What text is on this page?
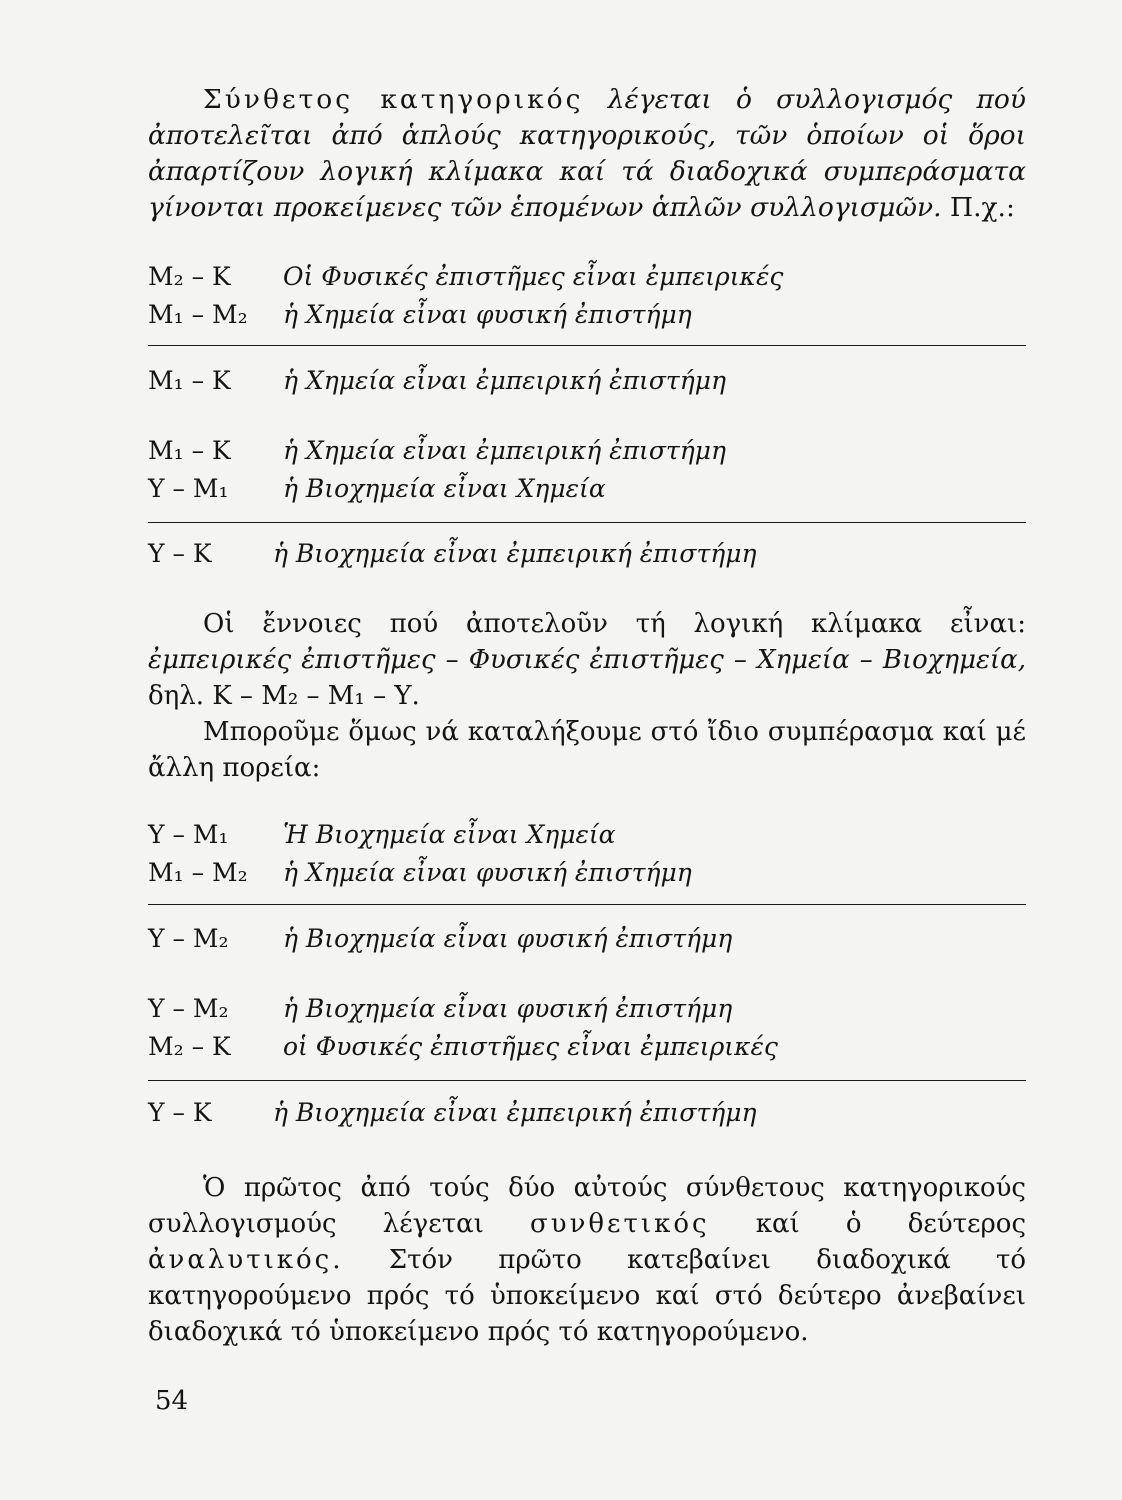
Σύνθετος κατηγορικός λέγεται ὁ συλλογισμός πού ἀποτελεῖται ἀπό ἁπλούς κατηγορικούς, τῶν ὁποίων οἱ ὅροι ἀπαρτίζουν λογική κλίμακα καί τά διαδοχικά συμπεράσματα γίνονται προκείμενες τῶν ἑπομένων ἁπλῶν συλλογισμῶν. Π.χ.:
Μ₂ – Κ Οἱ Φυσικές ἐπιστῆμες εἶναι ἐμπειρικές
Μ₁ – Μ₂ ἡ Χημεία εἶναι φυσική ἐπιστήμη
Μ₁ – Κ ἡ Χημεία εἶναι ἐμπειρική ἐπιστήμη
Μ₁ – Κ ἡ Χημεία εἶναι ἐμπειρική ἐπιστήμη
Υ – Μ₁ ἡ Βιοχημεία εἶναι Χημεία
Υ – Κ ἡ Βιοχημεία εἶναι ἐμπειρική ἐπιστήμη
Οἱ ἔννοιες πού ἀποτελοῦν τή λογική κλίμακα εἶναι: ἐμπειρικές ἐπιστῆμες – Φυσικές ἐπιστῆμες – Χημεία – Βιοχημεία, δηλ. Κ – Μ₂ – Μ₁ – Υ.
Μποροῦμε ὅμως νά καταλήξουμε στό ἴδιο συμπέρασμα καί μέ ἄλλη πορεία:
Υ – Μ₁ Ἡ Βιοχημεία εἶναι Χημεία
Μ₁ – Μ₂ ἡ Χημεία εἶναι φυσική ἐπιστήμη
Υ – Μ₂ ἡ Βιοχημεία εἶναι φυσική ἐπιστήμη
Υ – Μ₂ ἡ Βιοχημεία εἶναι φυσική ἐπιστήμη
Μ₂ – Κ οἱ Φυσικές ἐπιστῆμες εἶναι ἐμπειρικές
Υ – Κ ἡ Βιοχημεία εἶναι ἐμπειρική ἐπιστήμη
Ὁ πρῶτος ἀπό τούς δύο αὐτούς σύνθετους κατηγορικούς συλλογισμούς λέγεται συνθετικός καί ὁ δεύτερος ἀναλυτικός. Στόν πρῶτο κατεβαίνει διαδοχικά τό κατηγορούμενο πρός τό ὑποκείμενο καί στό δεύτερο ἀνεβαίνει διαδοχικά τό ὑποκείμενο πρός τό κατηγορούμενο.
54
